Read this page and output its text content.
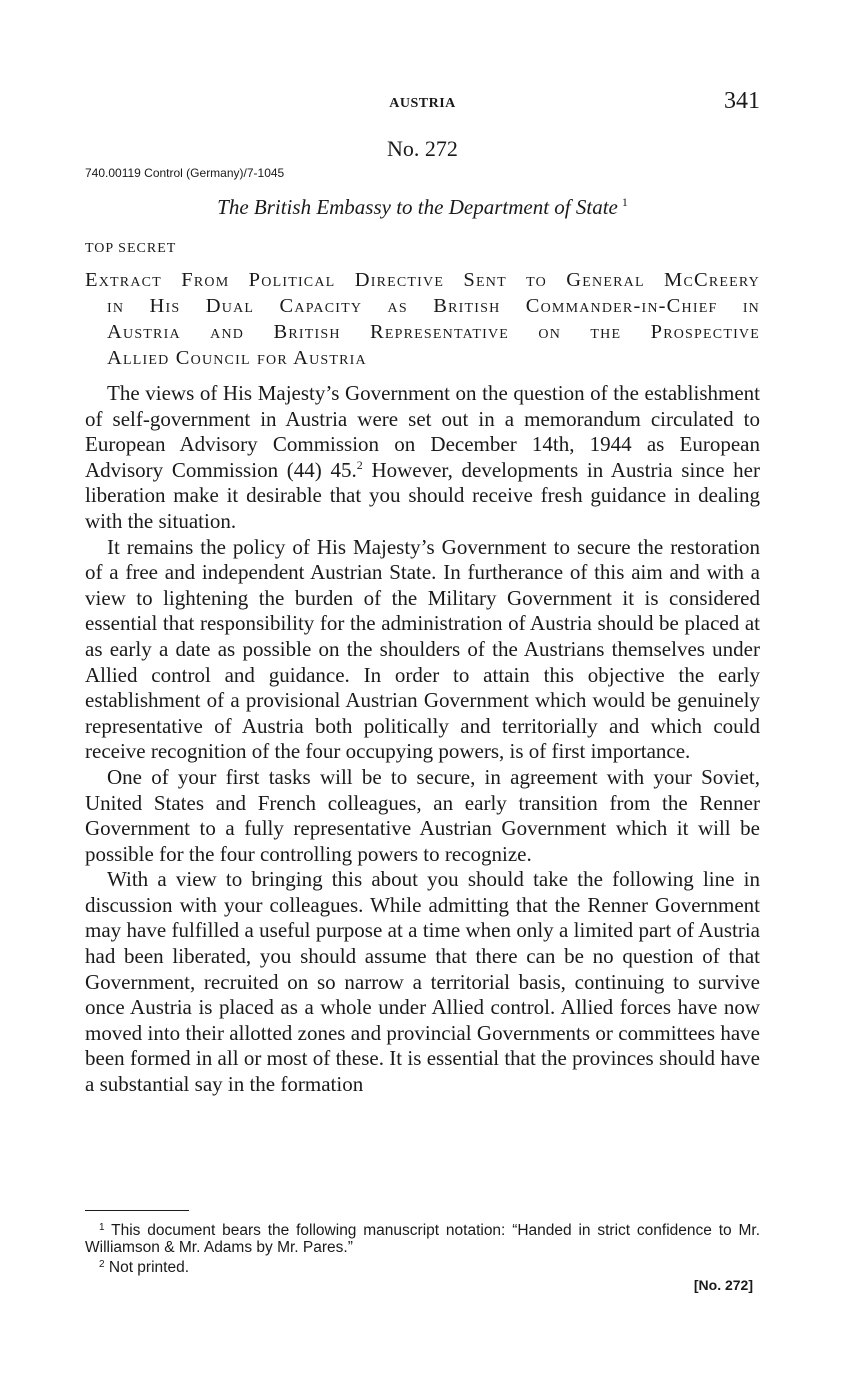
AUSTRIA	341
No. 272
740.00119 Control (Germany)/7-1045
The British Embassy to the Department of State $^1$
TOP SECRET
Extract From Political Directive Sent to General McCreery
in His Dual Capacity as British Commander-in-Chief in
Austria and British Representative on the Prospective
Allied Council for Austria

The views of His Majesty’s Government on the question of the establishment of self-government in Austria were set out in a memorandum circulated to European Advisory Commission on December 14th, 1944 as European Advisory Commission (44) 45.$^2$ However, developments in Austria since her liberation make it desirable that you should receive fresh guidance in dealing with the situation.

It remains the policy of His Majesty’s Government to secure the restoration of a free and independent Austrian State. In furtherance of this aim and with a view to lightening the burden of the Military Government it is considered essential that responsibility for the administration of Austria should be placed at as early a date as possible on the shoulders of the Austrians themselves under Allied control and guidance. In order to attain this objective the early establishment of a provisional Austrian Government which would be genuinely representative of Austria both politically and territorially and which could receive recognition of the four occupying powers, is of first importance.

One of your first tasks will be to secure, in agreement with your Soviet, United States and French colleagues, an early transition from the Renner Government to a fully representative Austrian Government which it will be possible for the four controlling powers to recognize.

With a view to bringing this about you should take the following line in discussion with your colleagues. While admitting that the Renner Government may have fulfilled a useful purpose at a time when only a limited part of Austria had been liberated, you should assume that there can be no question of that Government, recruited on so narrow a territorial basis, continuing to survive once Austria is placed as a whole under Allied control. Allied forces have now moved into their allotted zones and provincial Governments or committees have been formed in all or most of these. It is essential that the provinces should have a substantial say in the formation

$^1$ This document bears the following manuscript notation: “Handed in strict confidence to Mr. Williamson & Mr. Adams by Mr. Pares.”

$^2$ Not printed.

[No. 272]
